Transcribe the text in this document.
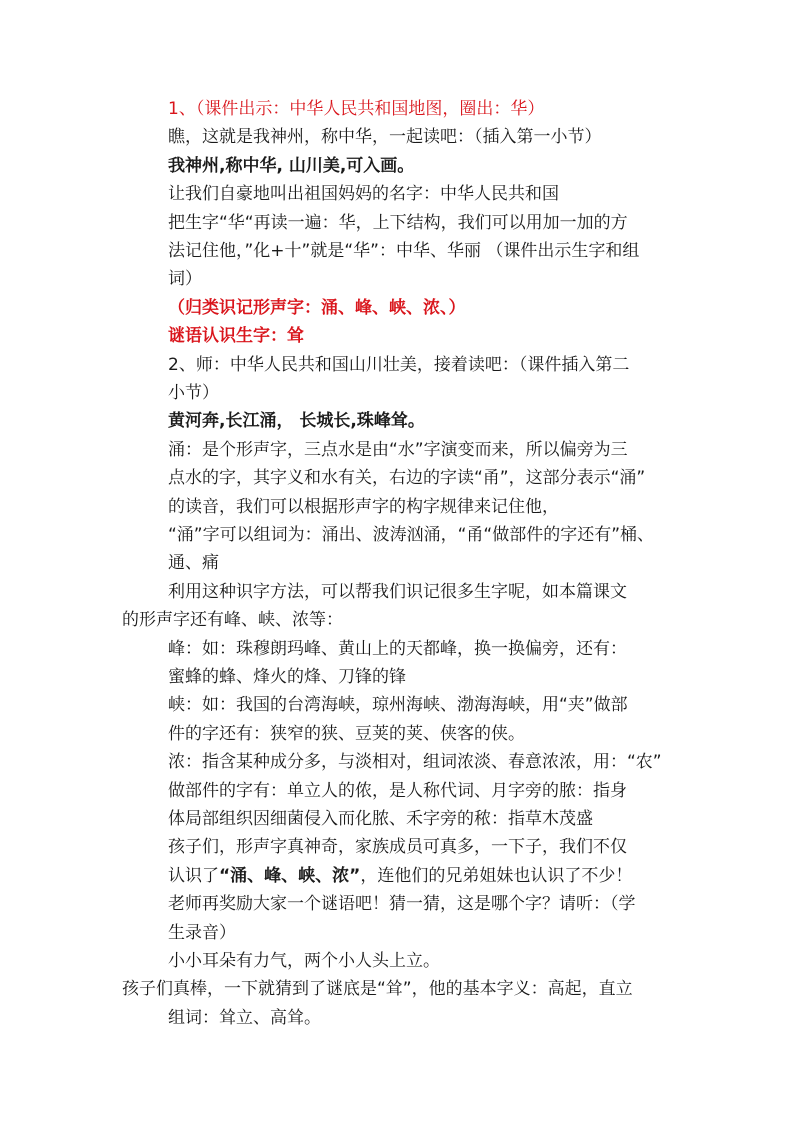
1、（课件出示：中华人民共和国地图，圈出：华）
瞧，这就是我神州，称中华，一起读吧：（插入第一小节）
我神州,称中华, 山川美,可入画。
让我们自豪地叫出祖国妈妈的名字：中华人民共和国
把生字“华“再读一遍：华，上下结构，我们可以用加一加的方
法记住他，”化+十”就是“华”：中华、华丽 （课件出示生字和组
词）
（归类识记形声字：涌、峰、峡、浓、）
谜语认识生字：耸
2、师：中华人民共和国山川壮美，接着读吧：（课件插入第二
小节）
黄河奔,长江涌， 长城长,珠峰耸。
涌：是个形声字，三点水是由“水”字演变而来，所以偏旁为三
点水的字，其字义和水有关，右边的字读“甬”，这部分表示“涌”
的读音，我们可以根据形声字的构字规律来记住他，
“涌”字可以组词为：涌出、波涛汹涌，“甬“做部件的字还有”桶、
通、痛
利用这种识字方法，可以帮我们识记很多生字呢，如本篇课文
的形声字还有峰、峡、浓等：
峰：如：珠穆朗玛峰、黄山上的天都峰，换一换偏旁，还有：
蜜蜂的蜂、烽火的烽、刀锋的锋
峡：如：我国的台湾海峡，琼州海峡、渤海海峡，用“夹”做部
件的字还有：狭窄的狭、豆荚的荚、侠客的侠。
浓：指含某种成分多，与淡相对，组词浓淡、春意浓浓，用：“农”
做部件的字有：单立人的侬，是人称代词、月字旁的脓：指身
体局部组织因细菌侵入而化脓、禾字旁的秾：指草木茂盛
孩子们，形声字真神奇，家族成员可真多，一下子，我们不仅
认识了“涌、峰、峡、浓”，连他们的兄弟姐妹也认识了不少！
老师再奖励大家一个谜语吧！猜一猜，这是哪个字？请听：（学
生录音）
小小耳朵有力气，两个小人头上立。
孩子们真棒，一下就猜到了谜底是“耸”，他的基本字义：高起，直立
组词：耸立、高耸。
